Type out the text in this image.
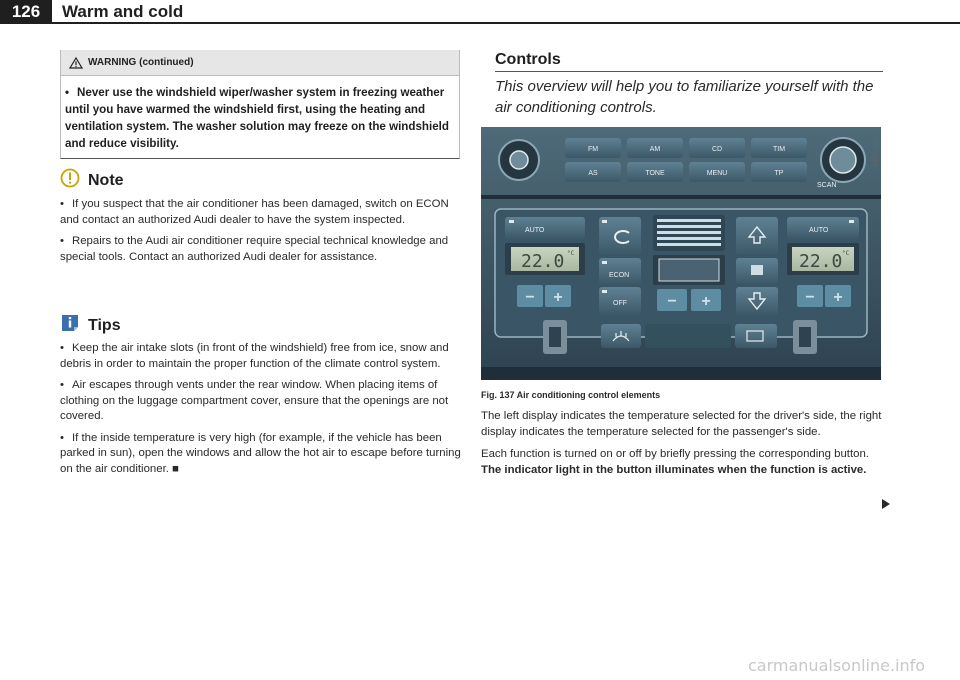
126	Warm and cold
WARNING (continued)
• Never use the windshield wiper/washer system in freezing weather until you have warmed the windshield first, using the heating and ventilation system. The washer solution may freeze on the windshield and reduce visibility.
Note

• If you suspect that the air conditioner has been damaged, switch on ECON and contact an authorized Audi dealer to have the system inspected.

• Repairs to the Audi air conditioner require special technical knowledge and special tools. Contact an authorized Audi dealer for assistance.

Tips

• Keep the air intake slots (in front of the windshield) free from ice, snow and debris in order to maintain the proper function of the climate control system.

• Air escapes through vents under the rear window. When placing items of clothing on the luggage compartment cover, ensure that the openings are not covered.

• If the inside temperature is very high (for example, if the vehicle has been parked in sun), open the windows and allow the hot air to escape before turning on the air conditioner. ■

Controls
This overview will help you to familiarize yourself with the air conditioning controls.
FM	AM	CD	TIM
AS	TONE	MENU	TP
SCAN
AUTO
22.0 °C
− +
ECON
OFF	− +
AUTO
22.0 °C
− +
B8E-0962
Fig. 137 Air conditioning control elements

The left display indicates the temperature selected for the driver's side, the right display indicates the temperature selected for the passenger's side.

Each function is turned on or off by briefly pressing the corresponding button. The indicator light in the button illuminates when the function is active.

carmanualsonline.info
